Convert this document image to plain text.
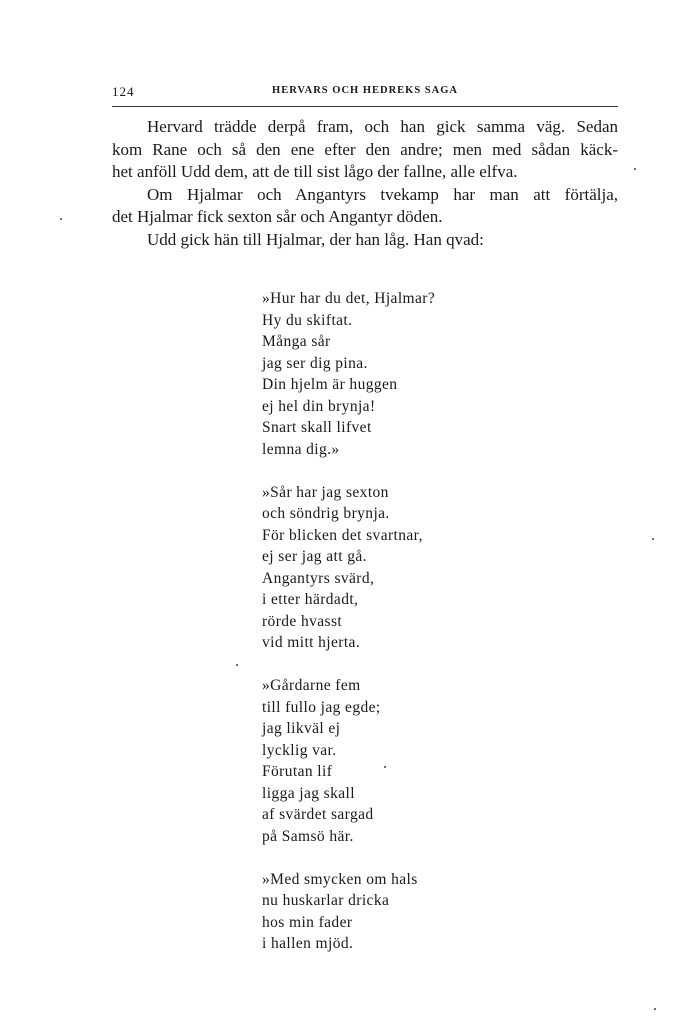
124	HERVARS OCH HEDREKS SAGA
Hervard trädde derpå fram, och han gick samma väg. Sedan
kom Rane och så den ene efter den andre; men med sådan käck-
het anföll Udd dem, att de till sist lågo der fallne, alle elfva.
Om Hjalmar och Angantyrs tvekamp har man att förtälja,
det Hjalmar fick sexton sår och Angantyr döden.
Udd gick hän till Hjalmar, der han låg. Han qvad:
»Hur har du det, Hjalmar?
Hy du skiftat.
Många sår
jag ser dig pina.
Din hjelm är huggen
ej hel din brynja!
Snart skall lifvet
lemna dig.»
»Sår har jag sexton
och söndrig brynja.
För blicken det svartnar,
ej ser jag att gå.
Angantyrs svärd,
i etter härdadt,
rörde hvasst
vid mitt hjerta.
»Gårdarne fem
till fullo jag egde;
jag likväl ej
lycklig var.
Förutan lif
ligga jag skall
af svärdet sargad
på Samsö här.
»Med smycken om hals
nu huskarlar dricka
hos min fader
i hallen mjöd.
